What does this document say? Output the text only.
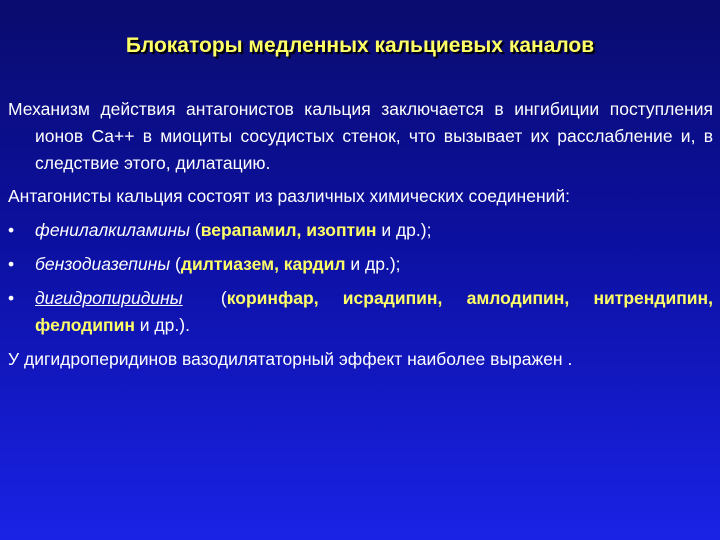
Блокаторы медленных кальциевых каналов

Механизм действия антагонистов кальция заключается в ингибиции поступления ионов Са++ в миоциты сосудистых стенок, что вызывает их расслабление и, в следствие этого, дилатацию.

Антагонисты кальция состоят из различных химических соединений:

•	фенилалкиламины (верапамил, изоптин и др.);
•	бензодиазепины (дилтиазем, кардил и др.);
•	дигидропиридины (коринфар, исрадипин, амлодипин, нитрендипин, фелодипин и др.).

У дигидроперидинов вазодилятаторный эффект наиболее выражен .
